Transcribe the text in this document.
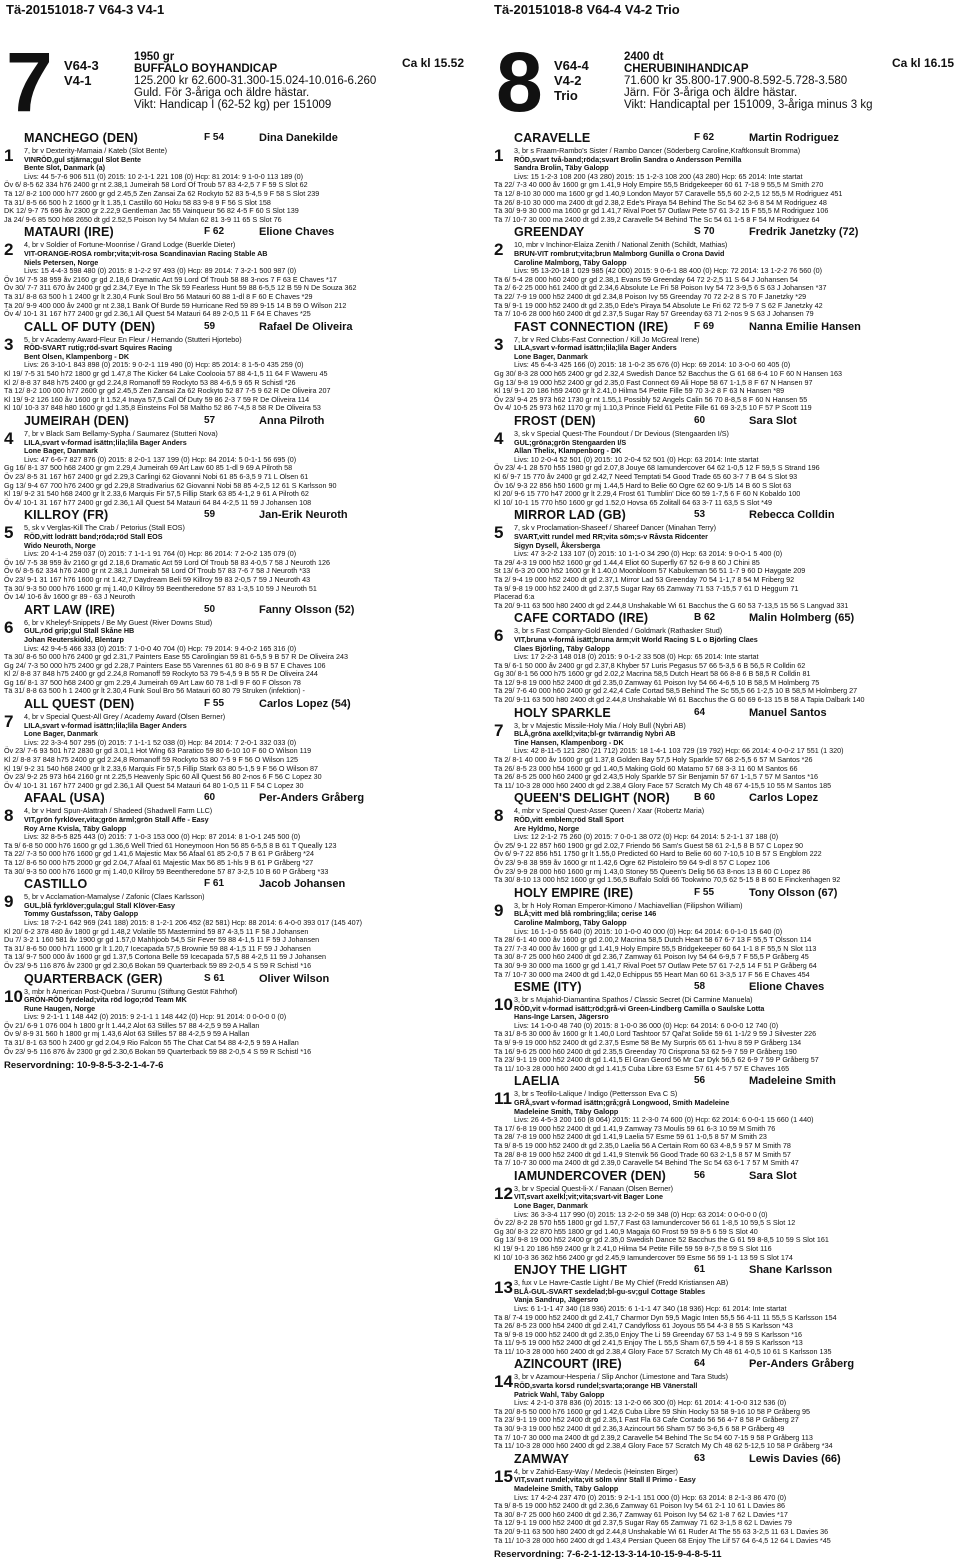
Tä-20151018-7 V64-3 V4-1	Tä-20151018-8 V64-4 V4-2 Trio
7 V64-3
V4-1
1950 gr
BUFFALO BOYHANDICAP
125.200 kr 62.600-31.300-15.024-10.016-6.260
Guld. För 3-åriga och äldre hästar.
Vikt: Handicap I (62-52 kg) per 151009
Ca kl 15.52
MANCHEGO (DEN)	F 54	Dina Danekilde
1	7, br v Dexterity-Mamaia / Kateb (Slot Bente)
VINRÖD,gul stjärna;gul Slot Bente
Bente Slot, Danmark (a)
Livs: 44 5-7-6 906 511 (0) 2015: 10 2-1-1 221 108 (0) Hcp: 81 2014: 9 1-0-0 113 189 (0)
Öv 6/ 8-5 62 334 h76 2400 gr nt 2.38,1 Jumeirah 58 Lord Of Troub 57 83 4-2,5 7 F 59 S Slot 62
Tä 12/ 8-2 100 000 h77 2600 gr gd 2.45,5 Zen Zansai Za 62 Rockyto 52 83 5-4,5 9 F 58 S Slot 239
Tä 31/ 8-5 66 500 h 2 1600 gr lt 1.35,1 Castillo 60 Hoku 58 83 9-8 9 F 56 S Slot 158
DK 12/ 9-7 75 696 åv 2300 gr 2.22,9 Gentleman Jac 55 Vainqueur 56 82 4-5 F 60 S Slot 139
Jä 24/ 9-6 85 500 h68 2650 dt gd 2.52,5 Poison Ivy 54 Mulan 62 81 3-9 11 65 S Slot 76
MATAURI (IRE)	F 62	Elione Chaves
2	4, br v Soldier of Fortune-Moonrise / Grand Lodge (Buerkle Dieter)
VIT-ORANGE-ROSA rombr;vita;vit-rosa Scandinavian Racing Stable AB
Niels Petersen, Norge
Livs: 15 4-4-3 598 480 (0) 2015: 8 1-2-2 97 493 (0) Hcp: 89 2014: 7 3-2-1 500 987 (0)
Öv 16/ 7-5 38 959 åv 2160 gr gd 2.18,6 Dramatic Act 59 Lord Of Troub 58 88 3-nos 7 F 63 E Chaves *17
Öv 30/ 7-7 311 670 åv 2400 gr gd 2.34,7 Eye In The Sk 59 Fearless Hunt 59 88 6-5,5 12 B 59 N De Souza 362
Tä 31/ 8-8 63 500 h 1 2400 gr lt 2.30,4 Funk Soul Bro 56 Matauri 60 88 1-dl 8 F 60 E Chaves *29
Tä 20/ 9-9 400 000 åv 2400 gr nt 2.38,1 Bank Of Burde 59 Hurricane Red 59 89 9-15 14 B 59 O Wilson 212
Öv 4/ 10-1 31 167 h77 2400 gr gd 2.36,1 All Quest 54 Matauri 64 89 2-0,5 11 F 64 E Chaves *25
CALL OF DUTY (DEN)	59	Rafael De Oliveira
3	5, br v Academy Award-Fleur En Fleur / Hernando (Stutteri Hjortebo)
RÖD-SVART rutig;röd-svart Squires Racing
Bent Olsen, Klampenborg - DK
Livs: 26 3-10-1 843 898 (0) 2015: 9 0-2-1 119 490 (0) Hcp: 85 2014: 8 1-5-0 435 259 (0)
Kl 19/ 7-5 31 540 h72 1800 gr gd 1.47,8 The Kicker 64 Lake Coolooia 57 88 4-1,5 11 64 F Waweru 45
Kl 2/ 8-8 37 848 h75 2400 gr gd 2.24,8 Romanoff 59 Rockyto 53 88 4-6,5 9 65 R Schistl *26
Tä 12/ 8-2 100 000 h77 2600 gr gd 2.45,5 Zen Zansai Za 62 Rockyto 52 87 7-5 9 62 R De Oliveira 207
Kl 19/ 9-2 126 160 åv 1600 gr lt 1.52,4 Inaya 57,5 Call Of Duty 59 86 2-3 7 59 R De Oliveira 114
Kl 10/ 10-3 37 848 h80 1600 gr gd 1.35,8 Einsteins Fol 58 Maltho 52 86 7-4,5 8 58 R De Oliveira 53
JUMEIRAH (DEN)	57	Anna Pilroth
4	7, br v Black Sam Bellamy-Sypha / Saumarez (Stutteri Nova)
LILA,svart v-formad isättn;lila;lila Bager Anders
Lone Bager, Danmark
Livs: 47 6-6-7 827 876 (0) 2015: 8 2-0-1 137 199 (0) Hcp: 84 2014: 5 0-1-1 56 695 (0)
Gg 16/ 8-1 37 500 h68 2400 gr gm 2.29,4 Jumeirah 69 Art Law 60 85 1-dl 9 69 A Pilroth 58
Öv 23/ 8-5 31 167 h67 2400 gr gd 2.29,3 Carlingi 62 Giovanni Nobi 61 85 6-3,5 9 71 L Olsen 61
Gg 13/ 9-4 67 700 h76 2400 gr gd 2.29,8 Stradivarius 62 Giovanni Nobi 58 85 4-2,5 12 61 S Karlsson 90
Kl 19/ 9-2 31 540 h68 2400 gr lt 2.33,6 Marquis Fir 57,5 Fillip Stark 63 85 4-1,2 9 61 A Pilroth 62
Öv 4/ 10-1 31 167 h77 2400 gr gd 2.36,1 All Quest 54 Matauri 64 84 4-2,5 11 59 J Johansen 108
KILLROY (FR)	59	Jan-Erik Neuroth
5	5, sk v Verglas-Kill The Crab / Petorius (Stall EOS)
RÖD,vitt lodrätt band;röda;röd Stall EOS
Wido Neuroth, Norge
Livs: 20 4-1-4 259 037 (0) 2015: 7 1-1-1 91 764 (0) Hcp: 86 2014: 7 2-0-2 135 079 (0)
Öv 16/ 7-5 38 959 åv 2160 gr gd 2.18,6 Dramatic Act 59 Lord Of Troub 58 83 4-0,5 7 58 J Neuroth 126
Öv 6/ 8-5 62 334 h76 2400 gr nt 2.38,1 Jumeirah 58 Lord Of Troub 57 83 7-6 7 58 J Neuroth *33
Öv 23/ 9-1 31 167 h76 1600 gr nt 1.42,7 Daydream Beli 59 Killroy 59 83 2-0,5 7 59 J Neuroth 43
Tä 30/ 9-3 50 000 h76 1600 gr mj 1.40,0 Killroy 59 Beentheredone 57 83 1-3,5 10 59 J Neuroth 51
Öv 14/ 10-6 åv 1600 gr 89 - 63 J Neuroth
ART LAW (IRE)	50	Fanny Olsson (52)
6	6, br v Kheleyf-Snippets / Be My Guest (River Downs Stud)
GUL,röd grip;gul Stall Skåne HB
Johan Reuterskiöld, Blentarp
Livs: 42 9-4-5 466 333 (0) 2015: 7 1-0-0 40 704 (0) Hcp: 79 2014: 9 4-0-2 165 316 (0)
Tä 30/ 8-6 50 000 h76 2400 gr gd 2.31,7 Painters Ease 55 Carolingian 59 81 6-5,5 9 B 57 R De Oliveira 243
Gg 24/ 7-3 50 000 h75 2400 gr gd 2.28,7 Painters Ease 55 Varennes 61 80 8-6 9 B 57 E Chaves 106
Kl 2/ 8-8 37 848 h75 2400 gr gd 2.24,8 Romanoff 59 Rockyto 53 79 5-4,5 9 B 55 R De Oliveira 244
Gg 16/ 8-1 37 500 h68 2400 gr gm 2.29,4 Jumeirah 69 Art Law 60 78 1-dl 9 F 60 F Olsson 78
Tä 31/ 8-8 63 500 h 1 2400 gr lt 2.30,4 Funk Soul Bro 56 Matauri 60 80 79 Struken (infektion) -
ALL QUEST (DEN)	F 55	Carlos Lopez (54)
7	4, br v Special Quest-All Grey / Academy Award (Olsen Berner)
LILA,svart v-formad isättn;lila;lila Bager Anders
Lone Bager, Danmark
Livs: 22 3-3-4 507 295 (0) 2015: 7 1-1-1 52 038 (0) Hcp: 84 2014: 7 2-0-1 332 033 (0)
Öv 23/ 7-6 93 501 h72 2830 gr gd 3.01,1 Hot Wing 63 Paratico 59 80 6-10 10 F 60 O Wilson 119
Kl 2/ 8-8 37 848 h75 2400 gr gd 2.24,8 Romanoff 59 Rockyto 53 80 7-5 9 F 56 O Wilson 125
Kl 19/ 9-2 31 540 h68 2400 gr lt 2.33,6 Marquis Fir 57,5 Fillip Stark 63 80 5-1,5 9 F 56 O Wilson 87
Öv 23/ 9-2 25 973 h64 2160 gr nt 2.25,5 Heavenly Spic 60 All Quest 56 80 2-nos 6 F 56 C Lopez 30
Öv 4/ 10-1 31 167 h77 2400 gr gd 2.36,1 All Quest 54 Matauri 64 80 1-0,5 11 F 54 C Lopez 30
AFAAL (USA)	60	Per-Anders Gråberg
8	4, br v Hard Spun-Alattrah / Shadeed (Shadwell Farm LLC)
VIT,grön fyrklöver,vita;grön ärml;grön Stall Affe - Easy
Roy Arne Kvisla, Täby Galopp
Livs: 32 8-5-5 825 443 (0) 2015: 7 1-0-3 153 000 (0) Hcp: 87 2014: 8 1-0-1 245 500 (0)
Tä 9/ 6-8 50 000 h76 1600 gr gd 1.36,6 Well Tried 61 Honeymoon Hon 56 85 6-5,5 8 B 61 T Queally 123
Tä 22/ 7-3 50 000 h76 1600 gr gd 1.41,6 Majestic Max 56 Afaal 61 85 2-0,5 7 B 61 P Gråberg *24
Tä 12/ 8-6 50 000 h75 2000 gr gd 2.04,7 Afaal 61 Majestic Max 56 85 1-hls 9 B 61 P Gråberg *27
Tä 30/ 9-3 50 000 h76 1600 gr mj 1.40,0 Killroy 59 Beentheredone 57 87 3-2,5 10 B 60 P Gråberg *33
CASTILLO	F 61	Jacob Johansen
9	5, br v Acclamation-Mamalyse / Zafonic (Claes Karlsson)
GUL,blå fyrklöver;gula;gul Stall Klöver-Easy
Tommy Gustafsson, Täby Galopp
Livs: 18 7-2-1 642 969 (241 188) 2015: 8 1-2-1 206 452 (82 581) Hcp: 88 2014: 6 4-0-0 393 017 (145 407)
Kl 20/ 6-2 378 480 åv 1800 gr gd 1.48,2 Volatile 55 Mastermind 59 87 4-3,5 11 F 58 J Johansen
Du 7/ 3-2 1 160 581 åv 1900 gr gd 1.57,0 Mahhjoob 54,5 Sir Fever 59 88 4-1,5 11 F 59 J Johansen
Tä 31/ 8-6 50 000 h71 1600 gr lt 1.20,7 Icecapada 57,5 Brownie 59 88 4-1,5 11 F 59 J Johansen
Tä 13/ 9-7 500 000 åv 1600 gr gd 1.37,5 Cortona Belle 59 Icecapada 57,5 88 4-2,5 11 59 J Johansen
Öv 23/ 9-5 116 876 åv 2300 gr gd 2.30,6 Bokan 59 Quarterback 59 89 2-0,5 4 S 59 R Schistl *16
QUARTERBACK (GER)	S 61	Oliver Wilson
10 3, mbr h American Post-Quebra / Surumu (Stiftung Gestüt Fährhof)
GRÖN-RÖD fyrdelad;vita röd logo;röd Team MK
Rune Haugen, Norge
Livs: 9 2-1-1 1 148 442 (0) 2015: 9 2-1-1 1 148 442 (0) Hcp: 91 2014: 0 0-0-0 0 (0)
Öv 21/ 6-9 1 076 004 h 1800 gr lt 1.44,2 Alot 63 Stilles 57 88 4-2,5 9 59 A Hallan
Öv 9/ 8-9 31 560 h 1800 gr mj 1.43,6 Alot 63 Stilles 57 88 4-2,5 9 59 A Hallan
Tä 31/ 8-1 63 500 h 2400 gr gd 2.04,9 Rio Falcon 55 The Chat Cat 54 88 4-2,5 9 59 A Hallan
Öv 23/ 9-5 116 876 åv 2300 gr gd 2.30,6 Bokan 59 Quarterback 59 88 2-0,5 4 S 59 R Schistl *16
Reservordning: 10-9-8-5-3-2-1-4-7-6
8 V64-4
V4-2
Trio
2400 dt
CHERUBINIHANDICAP
71.600 kr 35.800-17.900-8.592-5.728-3.580
Järn. För 3-åriga och äldre hästar.
Vikt: Handicaptal per 151009, 3-åriga minus 3 kg
Ca kl 16.15
CARAVELLE	F 62	Martin Rodriguez
1	3, br s Fraam-Rambo's Sister / Rambo Dancer (Söderberg Caroline,Kraftkonsult Bromma)
RÖD,svart två-band;röda;svart Brolin Sandra o Andersson Pernilla
Sandra Brolin, Täby Galopp
Livs: 15 1-2-3 108 200 (43 280) 2015: 15 1-2-3 108 200 (43 280) Hcp: 65 2014: Inte startat
Tä 22/ 7-3 40 000 åv 1600 gr gm 1.41,9 Holy Empire 55,5 Bridgekeeper 60 61 7-18 9 55,5 M Smith 270
Tä 12/ 8-10 30 000 ma 1600 gr gd 1.40,9 London Mayor 57 Caravelle 55,5 60 2-2,5 12 55,5 M Rodriguez 451
Tä 26/ 8-10 30 000 ma 2400 dt gd 2.38,2 Ede's Piraya 54 Behind The Sc 54 62 3-6 8 54 M Rodriguez 48
Tä 30/ 9-9 30 000 ma 1600 gr gd 1.41,7 Rival Poet 57 Outlaw Pete 57 61 3-2 15 F 55,5 M Rodriguez 106
Tä 7/ 10-7 30 000 ma 2400 dt gd 2.39,2 Caravelle 54 Behind The Sc 54 61 1-5 8 F 54 M Rodriguez 64
GREENDAY	S 70	Fredrik Janetzky (72)
2	10, mbr v Inchinor-Elaiza Zenith / National Zenith (Schildt, Mathias)
BRUN-VIT rombrut;vita;brun Malmborg Gunilla o Crona David
Caroline Malmborg, Täby Galopp
Livs: 95 13-20-18 1 029 985 (42 000) 2015: 9 0-6-1 88 400 (0) Hcp: 72 2014: 13 1-2-2 76 560 (0)
Tä 6/ 5-4 28 000 h60 2400 gr gd 2.38,1 Evans 59 Greenday 64 72 2-2,5 11 S 64 J Johansen 54
Tä 2/ 6-2 25 000 h61 2400 dt gd 2.34,6 Absolute Le Fri 58 Poison Ivy 54 72 3-9,5 6 S 63 J Johansen *37
Tä 22/ 7-9 19 000 h52 2400 dt gd 2.34,8 Poison Ivy 55 Greenday 70 72 2-2 8 S 70 F Janetzky *29
Tä 9/ 9-1 19 000 h52 2400 dt gd 2.35,0 Ede's Piraya 54 Absolute Le Fri 62 72 5-9 7 S 62 F Janetzky 42
Tä 7/ 10-6 28 000 h60 2400 dt gd 2.37,5 Sugar Ray 57 Greenday 63 71 2-nos 9 S 63 J Johansen 79
FAST CONNECTION (IRE)	F 69	Nanna Emilie Hansen
3	7, br v Red Clubs-Fast Connection / Kill Jo McGreal Irene)
LILA,svart v-formad isättn;lila;lila Bager Anders
Lone Bager, Danmark
Livs: 45 6-4-3 425 166 (0) 2015: 18 1-0-2 35 676 (0) Hcp: 69 2014: 10 3-0-0 60 405 (0)
Gg 30/ 8-3 28 000 h65 2400 gr gd 2.32,4 Swedish Dance 52 Bacchus the G 61 68 6-4 10 F 60 N Hansen 163
Gg 13/ 9-8 19 000 h52 2400 gr gd 2.35,0 Fast Connect 69 Ali Hope 58 67 1-1,5 8 F 67 N Hansen 97
Kl 19/ 9-1 20 186 h59 2400 gr lt 2.41,0 Hilma 54 Petite Fille 59 70 3-2 8 F 63 N Hansen *89
Öv 23/ 9-4 25 973 h62 1730 gr nt 1.55,1 Possibly 52 Angels Calin 56 70 8-8,5 8 F 60 N Hansen 55
Öv 4/ 10-5 25 973 h62 1170 gr mj 1.10,3 Prince Field 61 Petite Fille 61 69 3-2,5 10 F 57 P Scott 119
FROST (DEN)	60	Sara Slot
4	3, sk v Special Quest-The Foundout / Dr Devious (Stengaarden I/S)
GUL;gröna;grön Stengaarden I/S
Allan Thelix, Klampenborg - DK
Livs: 10 2-0-4 52 501 (0) 2015: 10 2-0-4 52 501 (0) Hcp: 63 2014: Inte startat
Öv 23/ 4-1 28 570 h55 1980 gr gd 2.07,8 Jouye 68 Iamundercover 64 62 1-0,5 12 F 59,5 S Strand 196
Kl 6/ 9-7 15 770 åv 2400 gr gd 2.42,7 Need Temptati 54 Good Trade 65 60 3-7 7 B 64 S Slot 93
Öv 16/ 9-3 22 856 h50 1600 gr mj 1.44,5 Hard to Belie 60 Ogre 62 60 9-1/5 14 B 60 S Slot 63
Kl 20/ 9-6 15 770 h47 2000 gr lt 2.29,4 Frost 61 Tumblin' Dice 60 59 1-7,5 6 F 60 N Kobaldo 100
Kl 10/ 10-1 15 770 h50 1600 gr gd 1.52,0 Hovsa 65 Zolitall 64 63 3-7 11 63,5 S Slot *49
MIRROR LAD (GB)	53	Rebecca Colldin
5	7, sk v Proclamation-Shaseef / Shareef Dancer (Minahan Terry)
SVART,vitt rundel med RR;vita söm;s-v Råvsta Ridcenter
Sigyn Dysell, Åkersberga
Livs: 47 3-2-2 133 107 (0) 2015: 10 1-1-0 34 290 (0) Hcp: 63 2014: 9 0-0-1 5 400 (0)
Tä 29/ 4-3 19 000 h52 1600 gr gd 1.44,4 Eliot 60 Superfly 67 52 6-9 8 60 J Chini 85
St 13/ 6-3 20 000 h52 1600 gr lt 1.40,0 Moonbloom 57 Kabukeman 56 51 1-7 9 60 D Haygate 209
Tä 2/ 9-4 19 000 h52 2400 dt gd 2.37,1 Mirror Lad 53 Greenday 70 54 1-1,7 8 54 M Friberg 92
Tä 9/ 9-8 19 000 h52 2400 dt gd 2.37,5 Sugar Ray 65 Zamway 71 53 7-15,5 7 61 D Heggum 71
Placerad 6:a
Tä 20/ 9-11 63 500 h80 2400 dt gd 2.44,8 Unshakable Wi 61 Bacchus the G 60 53 7-13,5 15 56 S Langvad 331
CAFE CORTADO (IRE)	B 62	Malin Holmberg (65)
6	3, br s Fast Company-Gold Blended / Goldmark (Rathasker Stud)
VIT,bruna v-formå isätt;bruna ärm;vit World Racing S L o Björling Claes
Claes Björling, Täby Galopp
Livs: 17 2-2-3 148 018 (0) 2015: 9 0-1-2 33 508 (0) Hcp: 65 2014: Inte startat
Tä 9/ 6-1 50 000 åv 2400 gr gd 2.37,8 Khyber 57 Luris Pegasus 57 66 5-3,5 6 B 56,5 R Colldin 62
Gg 30/ 8-1 56 000 h75 1600 gr gd 2.02,2 Macrina 58,5 Dutch Heart 58 66 8-8 6 B 58,5 R Colldin 81
Tä 12/ 9-8 19 000 h52 2400 dt gd 2.35,0 Zamway 61 Poison Ivy 54 66 4-6,5 10 B 58,5 M Holmberg 75
Tä 29/ 7-6 40 000 h60 2400 gr gd 2.42,4 Cafe Cortad 58,5 Behind The Sc 55,5 66 1-2,5 10 B 58,5 M Holmberg 27
Tä 20/ 9-11 63 500 h80 2400 dt gd 2.44,8 Unshakable Wi 61 Bacchus the G 60 69 6-13 15 B 58 A Tapia Dalbark 140
HOLY SPARKLE	64	Manuel Santos
7	3, br v Majestic Missile-Holy Mia / Holy Bull (Nybri AB)
BLÅ,gröna axelkl;vita;bl-gr tvärrandig Nybri AB
Tine Hansen, Klampenborg - DK
Livs: 42 8-11-5 121 280 (21 712) 2015: 18 1-4-1 103 729 (19 792) Hcp: 66 2014: 4 0-0-2 17 551 (1 320)
Tä 2/ 8-1 40 000 åv 1600 gr gd 1.37,8 Golden Bay 57,5 Holy Sparkle 57 68 2-5,5 6 57 M Santos *26
Tä 26/ 8-5 23 000 h54 1600 gr gd 1.40,5 Making Gold 60 Matamo 57 68 3-3 11 60 M Santos 66
Tä 26/ 8-5 25 000 h60 2400 gr gd 2.43,5 Holy Sparkle 57 Sir Benjamin 57 67 1-1,5 7 57 M Santos *16
Tä 11/ 10-3 28 000 h60 2400 dt gd 2.38,4 Glory Face 57 Scratch My Ch 48 67 4-15,5 10 55 M Santos 185
QUEEN'S DELIGHT (NOR) B 60	Carlos Lopez
8	4, mbr v Special Quest-Asser Queen / Xaar (Robertz Maria)
RÖD,vitt emblem;röd Stall Sport
Are Hyldmo, Norge
Livs: 12 2-1-2 75 260 (0) 2015: 7 0-0-1 38 072 (0) Hcp: 64 2014: 5 2-1-1 37 188 (0)
Öv 25/ 9-1 22 857 h60 1900 gr gd 2.02,7 Friendo 56 Sam's Guest 58 61 2-1,5 8 B 57 C Lopez 90
Öv 6/ 9-7 22 856 h51 1750 gr lt 1.55,0 Predicted 60 Hard to Belie 60 60 7-10,5 10 B 57 S Engblom 222
Öv 23/ 9-8 38 959 åv 1600 gr nt 1.42,6 Ogre 62 Pistoleiro 59 64 9-dl 8 57 C Lopez 106
Öv 23/ 9-9 28 000 h60 1600 gr mj 1.43,0 Stoney 55 Queen's Delig 56 63 8-nos 13 B 60 C Lopez 86
Tä 30/ 8-10 13 000 h52 1600 gr gd 1.56,5 Buffalo Soldi 66 Tookwino 70,5 62 5-15 8 B 60 E Finckenhagen 92
HOLY EMPIRE (IRE)	F 55	Tony Olsson (67)
9	3, br h Holy Roman Emperor-Kimono / Machiavellian (Filipshon William)
BLÅ;vitt med blå rombring;lila; cerise 146
Caroline Malmborg, Täby Galopp
Livs: 16 1-1-0 55 640 (0) 2015: 10 1-0-0 40 000 (0) Hcp: 64 2014: 6 0-1-0 15 640 (0)
Tä 28/ 6-1 40 000 åv 1600 gr gd 2.00,2 Macrina 58,5 Dutch Heart 58 67 6-7 13 F 55,5 T Olsson 114
Tä 27/ 7-3 40 000 åv 1600 gr gd 1.41,9 Holy Empire 55,5 Bridgekeeper 60 64 1-1 8 F 55,5 N Slot 113
Tä 30/ 8-7 25 000 h60 2400 dt gd 2.36,7 Zamway 61 Poison Ivy 54 64 6-9,5 7 F 55,5 P Gråberg 45
Tä 30/ 9-9 30 000 ma 1600 gr gd 1.41,7 Rival Poet 57 Outlaw Pete 57 61 7-2,5 14 F 51 P Gråberg 64
Tä 7/ 10-7 30 000 ma 2400 dt gd 1.42,0 Echippus 55 Heart Man 60 61 3-3,5 17 F 56 E Chaves 454
ESME (ITY)	58	Elione Chaves
10 3, br s Mujahid-Diamantina Spathos / Classic Secret (Di Carmine Manuela)
RÖD,vit v-formad isätt;röd;grå-vi Green-Lindberg Camilla o Saulske Lotta
Hans-Inge Larsen, Jägersro
Livs: 14 1-0-0 48 740 (0) 2015: 8 1-0-0 36 000 (0) Hcp: 64 2014: 6 0-0-0 12 740 (0)
Tä 31/ 8-5 30 000 åv 1600 gr lt 1.40,0 Lord Tashtoor 57 Qal'at Solide 59 61 1-1/2 9 59 J Silvester 226
Tä 9/ 9-9 19 000 h52 2400 dt gd 2.37,5 Esme 58 Be My Surpris 65 61 1-hvu 8 59 P Gråberg 134
Tä 16/ 9-6 25 000 h60 2400 dt gd 2.35,5 Greenday 70 Crisprona 53 62 5-9 7 59 P Gråberg 190
Tä 23/ 9-1 19 000 h52 2400 dt gd 1.41,5 El Gran Geord 56 Mr Car Dyk 56,5 62 6-9 7 59 P Gråberg 57
Tä 11/ 10-3 28 000 h60 2400 dt gd 1.41,5 Cuba Libre 63 Esme 57 61 4-5 7 57 E Chaves 165
LAELIA	56	Madeleine Smith
11 3, br s Teofilo-Lalique / Indigo (Pettersson Eva C S)
GRÅ,svart v-formad isättn;grå;grå Longwood, Smith Madeleine
Madeleine Smith, Täby Galopp
Livs: 26 4-5-3 200 160 (8 064) 2015: 11 2-3-0 74 600 (0) Hcp: 62 2014: 6 0-0-1 15 660 (1 440)
Tä 17/ 6-8 19 000 h52 2400 dt gd 1.41,9 Zamway 73 Moulis 59 61 6-3 10 59 M Smith 76
Tä 28/ 7-8 19 000 h52 2400 dt gd 1.41,9 Laelia 57 Esme 59 61 1-0,5 8 57 M Smith 23
Tä 9/ 8-5 19 000 h52 2400 dt gd 2.35,0 Laelia 56 A Certain Rom 60 63 4-8,5 9 57 M Smith 78
Tä 28/ 8-8 19 000 h52 2400 dt gd 1.41,9 Stenvik 56 Good Trade 60 63 2-1,5 8 57 M Smith 57
Tä 7/ 10-7 30 000 ma 2400 dt gd 2.39,0 Caravelle 54 Behind The Sc 54 63 6-1 7 57 M Smith 47
IAMUNDERCOVER (DEN)	56	Sara Slot
12 3, br v Special Quest-li-X / Fanaan (Olsen Berner)
VIT,svart axelkl;vit;vita;svart-vit Bager Lone
Lone Bager, Danmark
Livs: 36 3-3-4 117 990 (0) 2015: 13 2-2-0 59 348 (0) Hcp: 63 2014: 0 0-0-0 0 (0)
Öv 22/ 8-2 28 570 h55 1800 gr gd 1.57,7 Fast 63 Iamundercover 56 61 1-8,5 10 59,5 S Slot 12
Gg 30/ 8-3 22 870 h55 1800 gr gd 1.40,9 Magaja 60 Frost 59 59 8-5 6 59 S Slot 40
Gg 13/ 9-8 19 000 h52 2400 gr gd 2.35,0 Swedish Dance 52 Bacchus the G 61 59 8-8,5 10 59 S Slot 161
Kl 19/ 9-1 20 186 h59 2400 gr lt 2.41,0 Hilma 54 Petite Fille 59 59 8-7,5 8 59 S Slot 116
Kl 10/ 10-3 36 362 h56 2400 gr gd 2.45,9 Iamundercover 59 Esme 56 59 1-1 13 59 S Slot 174
ENJOY THE LIGHT	61	Shane Karlsson
13 3, fux v Le Havre-Castle Light / Be My Chief (Fredd Kristiansen AB)
BLÅ-GUL-SVART sexdelad;bl-gu-sv;gul Cottage Stables
Vanja Sandrup, Jägersro
Livs: 6 1-1-1 47 340 (18 936) 2015: 6 1-1-1 47 340 (18 936) Hcp: 61 2014: Inte startat
Tä 8/ 7-4 19 000 h52 2400 dt gd 2.41,7 Charmor Dyn 59,5 Magic Inten 55,5 56 4-11 11 55,5 S Karlsson 154
Tä 26/ 8-5 23 000 h54 2400 dt gd 2.41,7 Candyfloss 61 Joyous 55 54 4-3 8 55 S Karlsson *43
Tä 9/ 9-8 19 000 h52 2400 dt gd 2.35,0 Enjoy The Li 59 Greenday 67 53 1-4 9 59 S Karlsson *16
Tä 11/ 9-5 19 000 h52 2400 dt gd 2.41,5 Enjoy The L 55,5 Sham 67,5 59 4-1 8 59 S Karlsson *13
Tä 11/ 10-3 28 000 h60 2400 dt gd 2.38,4 Glory Face 57 Scratch My Ch 48 61 4-0,5 10 61 S Karlsson 135
AZINCOURT (IRE)	64	Per-Anders Gråberg
14 3, br v Azamour-Hesperia / Slip Anchor (Limestone and Tara Studs)
RÖD,svarta korsd rundel;svarta;orange HB Vänerstall
Patrick Wahl, Täby Galopp
Livs: 4 2-1-0 378 836 (0) 2015: 13 1-2-0 66 300 (0) Hcp: 61 2014: 4 1-0-0 312 536 (0)
Tä 20/ 8-5 50 000 h76 1600 gr gd 1.42,6 Cuba Libre 59 Shin Hocky 53 58 9-16 10 58 P Gråberg 95
Tä 23/ 9-1 19 000 h52 2400 dt gd 2.35,1 Fast Fla 63 Cafe Cortado 56 56 4-7 8 58 P Gråberg 27
Tä 30/ 9-3 19 000 h52 2400 dt gd 2.36,3 Azincourt 56 Sham 57 56 3-6,5 6 58 P Gråberg 49
Tä 7/ 10-7 30 000 ma 2400 dt gd 2.39,2 Caravelle 54 Behind The Sc 54 60 7-15 9 58 P Gråberg 113
Tä 11/ 10-3 28 000 h60 2400 dt gd 2.38,4 Glory Face 57 Scratch My Ch 48 62 5-12,5 10 58 P Gråberg *34
ZAMWAY	63	Lewis Davies (66)
15 4, br v Zahid-Easy-Way / Medecis (Heinsten Birger)
VIT,svart rundel;vita;vit sölm vinr Stall Il Primo - Easy
Madeleine Smith, Täby Galopp
Livs: 17 4-2-4 237 470 (0) 2015: 9 2-1-1 151 000 (0) Hcp: 63 2014: 8 2-1-3 86 470 (0)
Tä 9/ 8-5 19 000 h52 2400 dt gd 2.36,6 Zamway 61 Poison Ivy 54 61 2-1 10 61 L Davies 86
Tä 30/ 8-7 25 000 h60 2400 dt gd 2.36,7 Zamway 61 Poison Ivy 54 62 1-8 7 62 L Davies *17
Tä 12/ 9-1 19 000 h52 2400 dt gd 2.37,5 Sugar Ray 65 Zamway 71 62 3-1,5 8 62 L Davies 79
Tä 20/ 9-11 63 500 h80 2400 dt gd 2.44,8 Unshakable Wi 61 Ruder At The 55 63 3-2,5 11 63 L Davies 36
Tä 11/ 10-3 28 000 h60 2400 dt gd 1.43,4 Persian Queen 68 Enjoy The Lif 57 64 6-4,5 12 64 L Davies *45
Reservordning: 7-6-2-1-12-13-3-14-10-15-9-4-8-5-11
